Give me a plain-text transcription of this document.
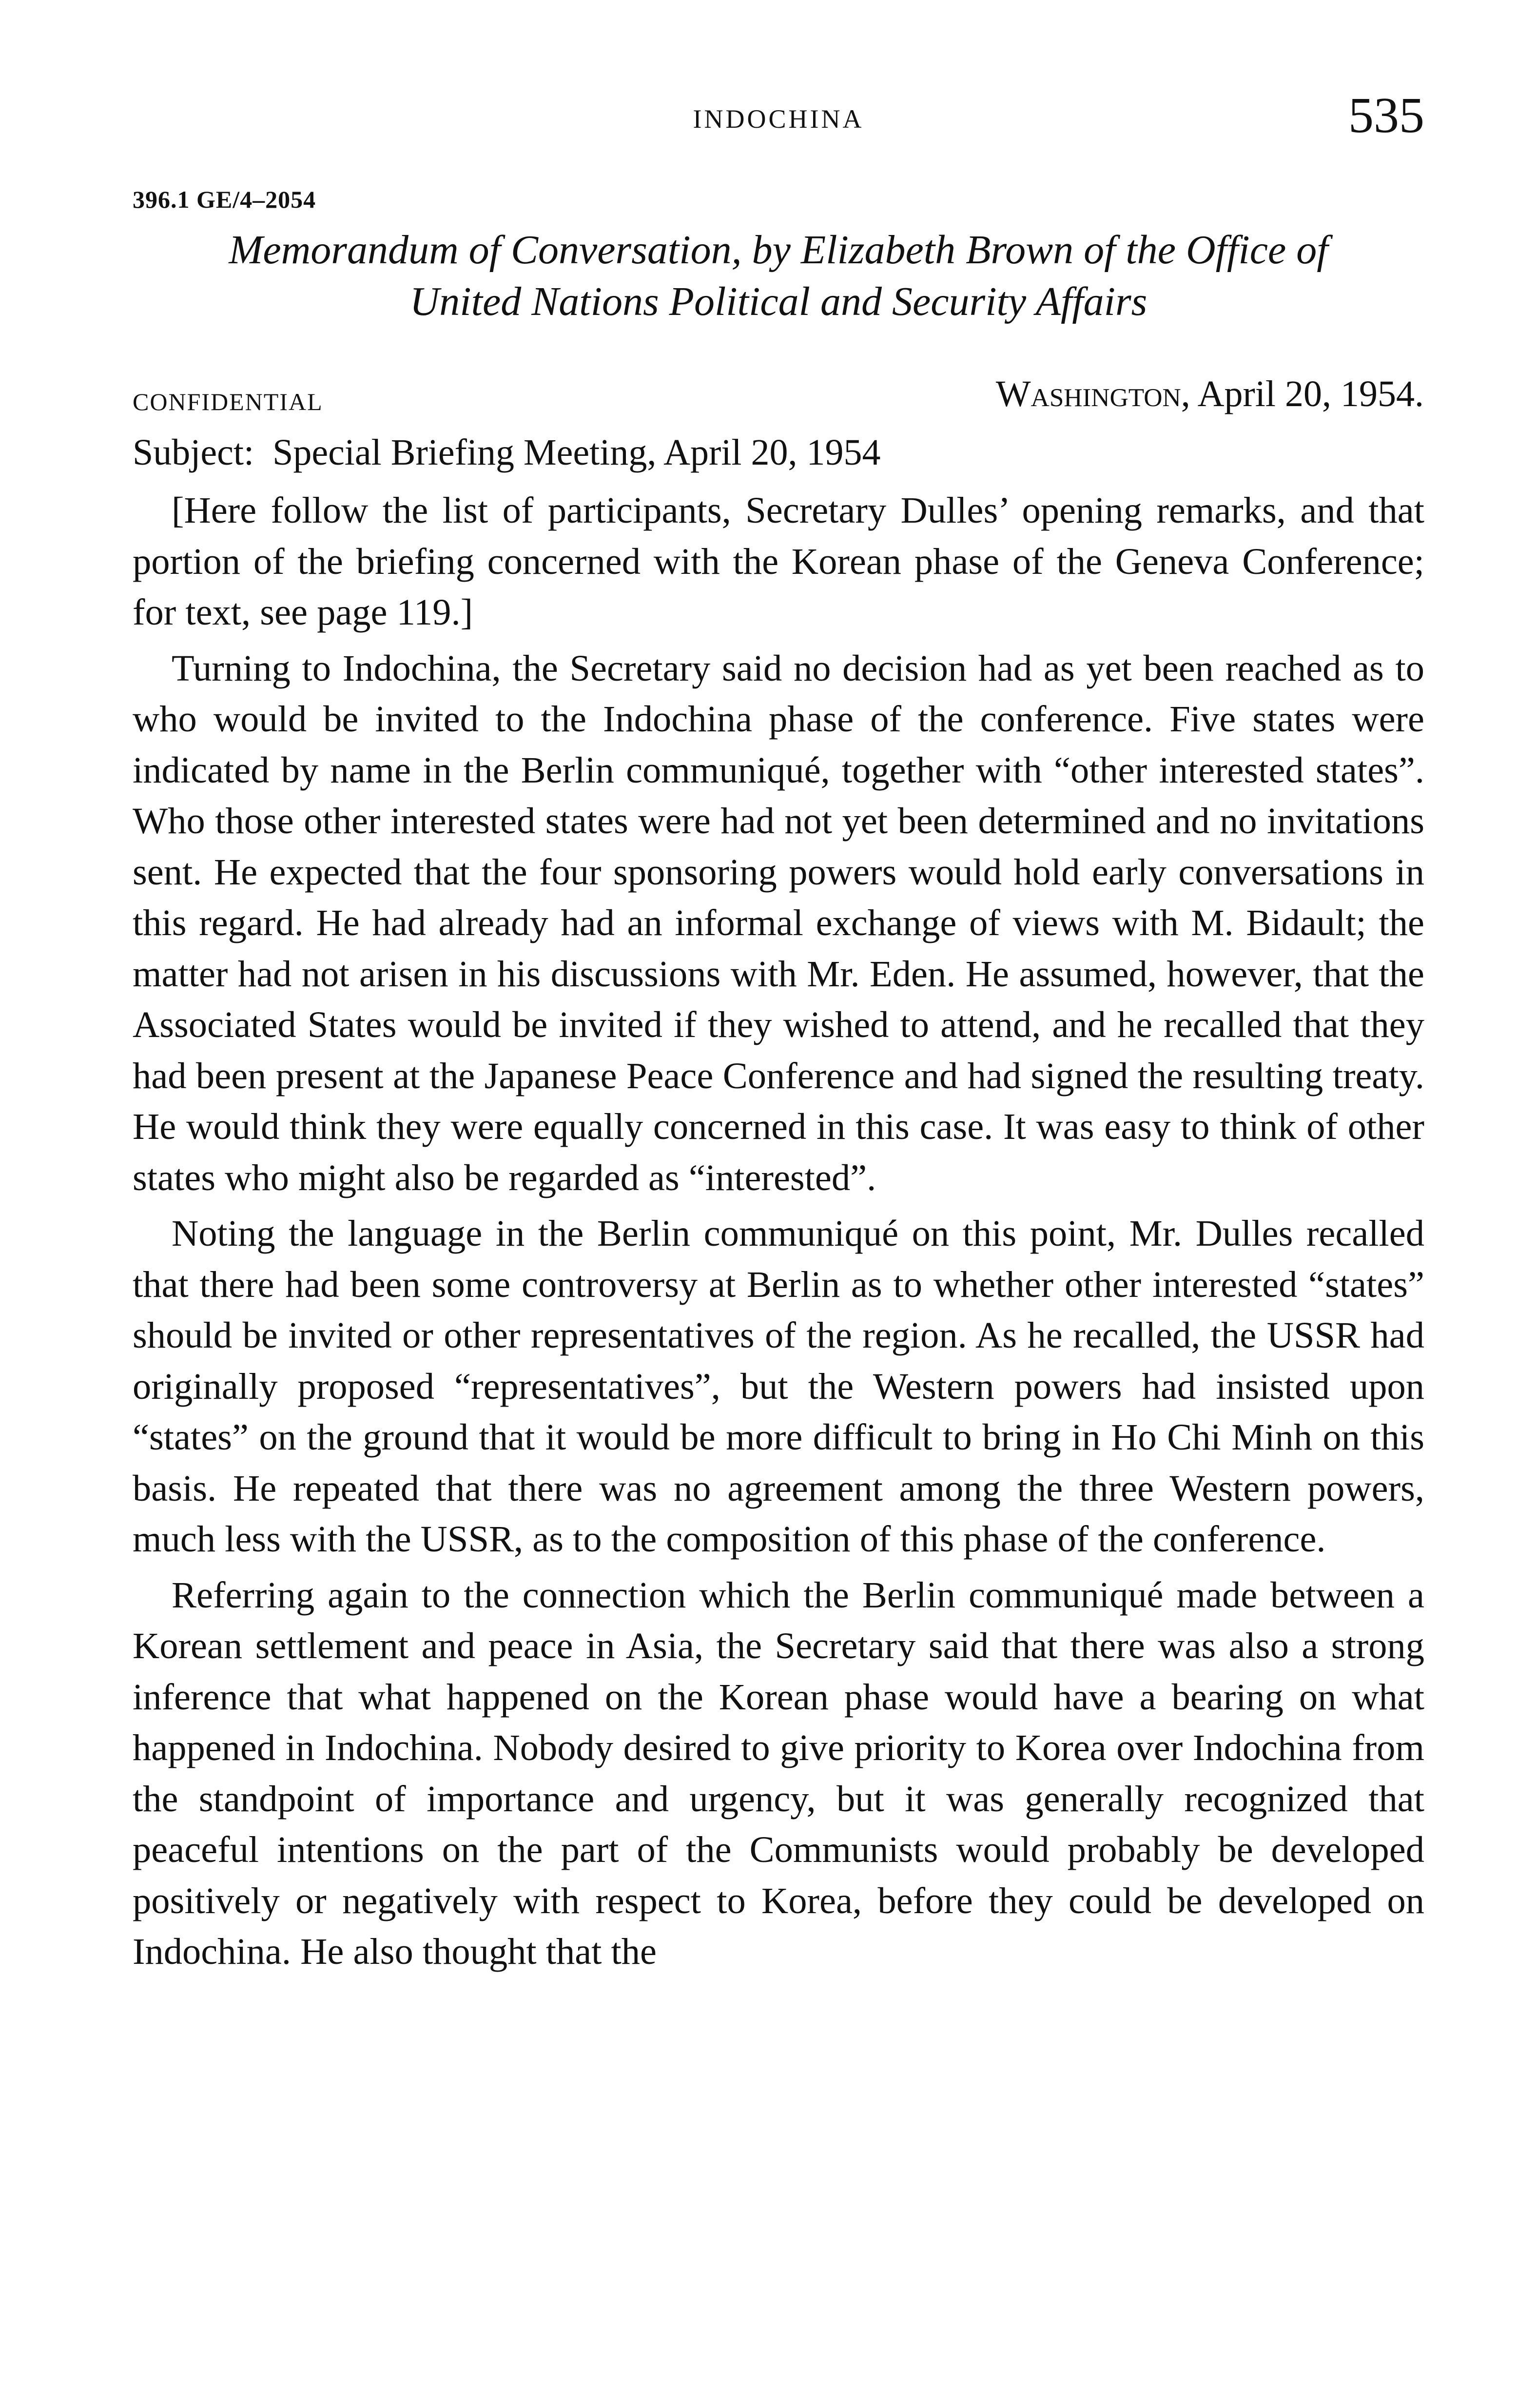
INDOCHINA	535
396.1 GE/4–2054
Memorandum of Conversation, by Elizabeth Brown of the Office of
United Nations Political and Security Affairs
CONFIDENTIAL	Washington, April 20, 1954.
Subject: Special Briefing Meeting, April 20, 1954

[Here follow the list of participants, Secretary Dulles’ opening remarks, and that portion of the briefing concerned with the Korean phase of the Geneva Conference; for text, see page 119.]

Turning to Indochina, the Secretary said no decision had as yet been reached as to who would be invited to the Indochina phase of the conference. Five states were indicated by name in the Berlin communiqué, together with “other interested states”. Who those other interested states were had not yet been determined and no invitations sent. He expected that the four sponsoring powers would hold early conversations in this regard. He had already had an informal exchange of views with M. Bidault; the matter had not arisen in his discussions with Mr. Eden. He assumed, however, that the Associated States would be invited if they wished to attend, and he recalled that they had been present at the Japanese Peace Conference and had signed the resulting treaty. He would think they were equally concerned in this case. It was easy to think of other states who might also be regarded as “interested”.

Noting the language in the Berlin communiqué on this point, Mr. Dulles recalled that there had been some controversy at Berlin as to whether other interested “states” should be invited or other representatives of the region. As he recalled, the USSR had originally proposed “representatives”, but the Western powers had insisted upon “states” on the ground that it would be more difficult to bring in Ho Chi Minh on this basis. He repeated that there was no agreement among the three Western powers, much less with the USSR, as to the composition of this phase of the conference.

Referring again to the connection which the Berlin communiqué made between a Korean settlement and peace in Asia, the Secretary said that there was also a strong inference that what happened on the Korean phase would have a bearing on what happened in Indochina. Nobody desired to give priority to Korea over Indochina from the standpoint of importance and urgency, but it was generally recognized that peaceful intentions on the part of the Communists would probably be developed positively or negatively with respect to Korea, before they could be developed on Indochina. He also thought that the
